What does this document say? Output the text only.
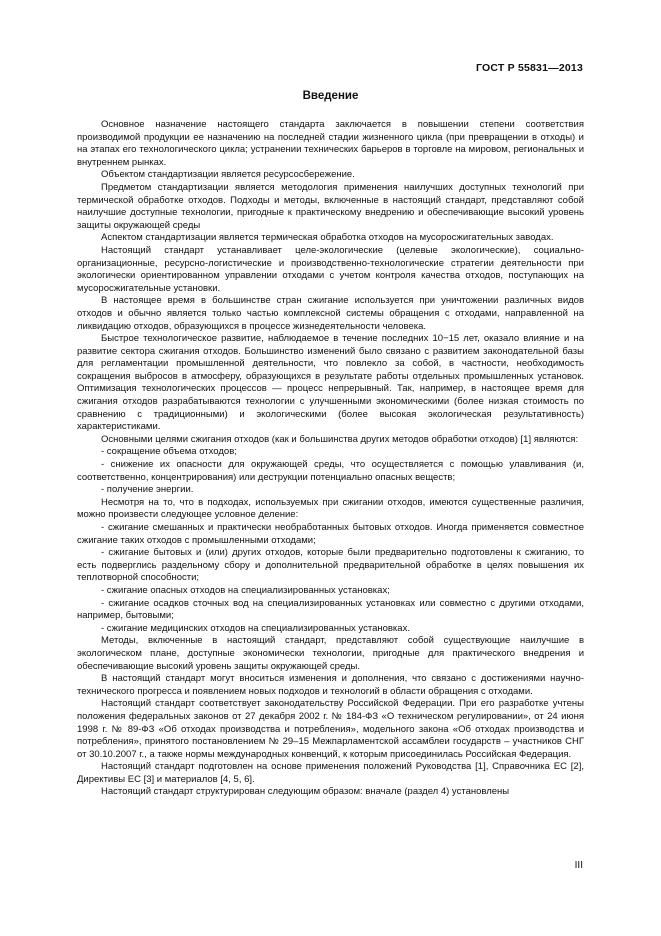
ГОСТ Р 55831—2013
Введение

Основное назначение настоящего стандарта заключается в повышении степени соответствия производимой продукции ее назначению на последней стадии жизненного цикла (при превращении в отходы) и на этапах его технологического цикла; устранении технических барьеров в торговле на мировом, региональных и внутреннем рынках.

Объектом стандартизации является ресурсосбережение.

Предметом стандартизации является методология применения наилучших доступных технологий при термической обработке отходов. Подходы и методы, включенные в настоящий стандарт, представляют собой наилучшие доступные технологии, пригодные к практическому внедрению и обеспечивающие высокий уровень защиты окружающей среды

Аспектом стандартизации является термическая обработка отходов на мусоросжигательных заводах.

Настоящий стандарт устанавливает целе-экологические (целевые экологические), социально-организационные, ресурсно-логистические и производственно-технологические стратегии деятельности при экологически ориентированном управлении отходами с учетом контроля качества отходов, поступающих на мусоросжигательные установки.

В настоящее время в большинстве стран сжигание используется при уничтожении различных видов отходов и обычно является только частью комплексной системы обращения с отходами, направленной на ликвидацию отходов, образующихся в процессе жизнедеятельности человека.

Быстрое технологическое развитие, наблюдаемое в течение последних 10−15 лет, оказало влияние и на развитие сектора сжигания отходов. Большинство изменений было связано с развитием законодательной базы для регламентации промышленной деятельности, что повлекло за собой, в частности, необходимость сокращения выбросов в атмосферу, образующихся в результате работы отдельных промышленных установок. Оптимизация технологических процессов — процесс непрерывный. Так, например, в настоящее время для сжигания отходов разрабатываются технологии с улучшенными экономическими (более низкая стоимость по сравнению с традиционными) и экологическими (более высокая экологическая результативность) характеристиками.

Основными целями сжигания отходов (как и большинства других методов обработки отходов) [1] являются:

- сокращение объема отходов;

- снижение их опасности для окружающей среды, что осуществляется с помощью улавливания (и, соответственно, концентрирования) или деструкции потенциально опасных веществ;

- получение энергии.

Несмотря на то, что в подходах, используемых при сжигании отходов, имеются существенные различия, можно произвести следующее условное деление:

- сжигание смешанных и практически необработанных бытовых отходов. Иногда применяется совместное сжигание таких отходов с промышленными отходами;

- сжигание бытовых и (или) других отходов, которые были предварительно подготовлены к сжиганию, то есть подверглись раздельному сбору и дополнительной предварительной обработке в целях повышения их теплотворной способности;

- сжигание опасных отходов на специализированных установках;

- сжигание осадков сточных вод на специализированных установках или совместно с другими отходами, например, бытовыми;

- сжигание медицинских отходов на специализированных установках.

Методы, включенные в настоящий стандарт, представляют собой существующие наилучшие в экологическом плане, доступные экономически технологии, пригодные для практического внедрения и обеспечивающие высокий уровень защиты окружающей среды.

В настоящий стандарт могут вноситься изменения и дополнения, что связано с достижениями научно-технического прогресса и появлением новых подходов и технологий в области обращения с отходами.

Настоящий стандарт соответствует законодательству Российской Федерации. При его разработке учтены положения федеральных законов от 27 декабря 2002 г. № 184-ФЗ «О техническом регулировании», от 24 июня 1998 г. № 89-ФЗ «Об отходах производства и потребления», модельного закона «Об отходах производства и потребления», принятого постановлением № 29–15 Межпарламентской ассамблеи государств – участников СНГ от 30.10.2007 г., а также нормы международных конвенций, к которым присоединилась Российская Федерация.

Настоящий стандарт подготовлен на основе применения положений Руководства [1], Справочника ЕС [2], Директивы ЕС [3] и материалов [4, 5, 6].

Настоящий стандарт структурирован следующим образом: вначале (раздел 4) установлены

III
